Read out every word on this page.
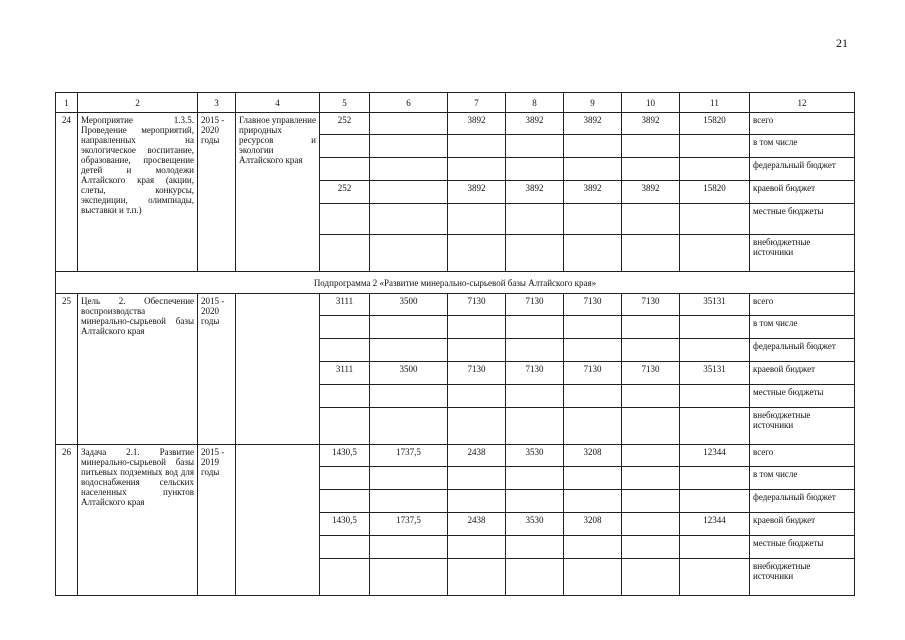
21
1	2	3	4	5	6	7	8	9	10	11	12
24	Мероприятие 1.3.5. Проведение мероприятий, направленных на экологическое воспитание, образование, просвещение детей и молодежи Алтайского края (акции, слеты, конкурсы, экспедиции, олимпиады, выставки и т.п.)	2015 - 2020 годы	Главное управление природных ресурсов и экологии Алтайского края	252		3892	3892	3892	3892	15820	всего
											в том числе
											федеральный бюджет
				252		3892	3892	3892	3892	15820	краевой бюджет
											местные бюджеты
											внебюджетные источники
Подпрограмма 2 «Развитие минерально-сырьевой базы Алтайского края»											
25	Цель 2. Обеспечение воспроизводства минерально-сырьевой базы Алтайского края	2015 - 2020 годы		3111	3500	7130	7130	7130	7130	35131	всего
											в том числе
											федеральный бюджет
				3111	3500	7130	7130	7130	7130	35131	краевой бюджет
											местные бюджеты
											внебюджетные источники
26	Задача 2.1. Развитие минерально-сырьевой базы питьевых подземных вод для водоснабжения сельских населенных пунктов Алтайского края	2015 - 2019 годы		1430,5	1737,5	2438	3530	3208		12344	всего
											в том числе
											федеральный бюджет
				1430,5	1737,5	2438	3530	3208		12344	краевой бюджет
											местные бюджеты
											внебюджетные источники
